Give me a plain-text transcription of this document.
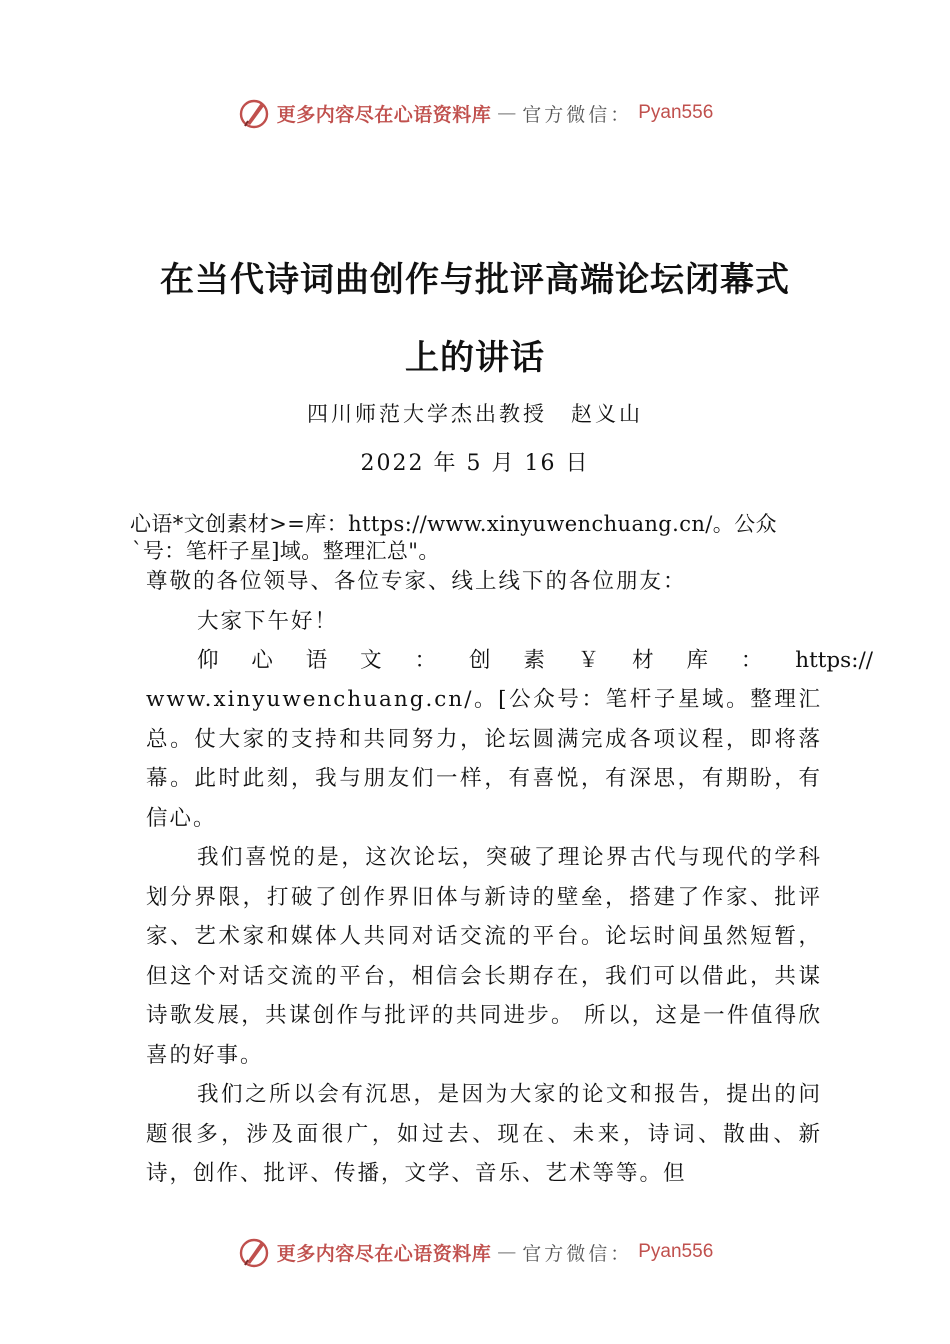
更多内容尽在心语资料库 — 官方微信： Pyan556
在当代诗词曲创作与批评高端论坛闭幕式
上的讲话
四川师范大学杰出教授　赵义山
2022 年 5 月 16 日
心语*文创素材>=库：https://www.xinyuwenchuang.cn/。公众
`号：笔杆子星]域。整理汇总"。
尊敬的各位领导、各位专家、线上线下的各位朋友：
大家下午好！
仰 心 语 文 ： 创 素 ￥ 材 库 ： https://
www.xinyuwenchuang.cn/。[公众号：笔杆子星域。整理汇总。仗大家的支持和共同努力，论坛圆满完成各项议程，即将落幕。此时此刻，我与朋友们一样，有喜悦，有深思，有期盼，有信心。
我们喜悦的是，这次论坛，突破了理论界古代与现代的学科划分界限，打破了创作界旧体与新诗的壁垒，搭建了作家、批评家、艺术家和媒体人共同对话交流的平台。论坛时间虽然短暂，但这个对话交流的平台，相信会长期存在，我们可以借此，共谋诗歌发展，共谋创作与批评的共同进步。 所以，这是一件值得欣喜的好事。
我们之所以会有沉思，是因为大家的论文和报告，提出的问题很多，涉及面很广，如过去、现在、未来，诗词、散曲、新诗，创作、批评、传播，文学、音乐、艺术等等。但
更多内容尽在心语资料库 — 官方微信： Pyan556
